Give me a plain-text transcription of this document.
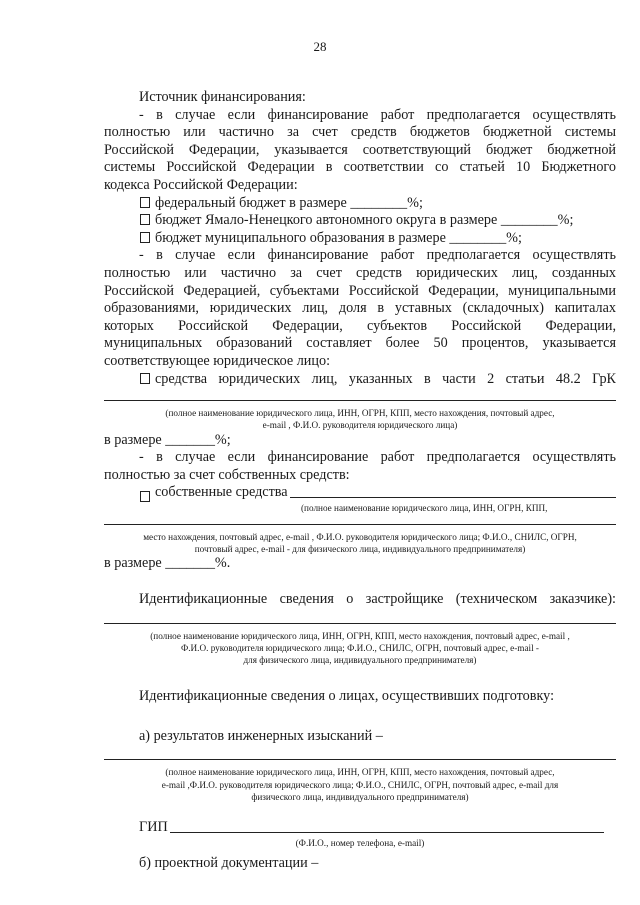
28
Источник финансирования:
- в случае если финансирование работ предполагается осуществлять
полностью или частично за счет средств бюджетов бюджетной системы
Российской Федерации, указывается соответствующий бюджет бюджетной
системы Российской Федерации в соответствии со статьей 10 Бюджетного
кодекса Российской Федерации:
федеральный бюджет в размере ________%;
бюджет Ямало-Ненецкого автономного округа в размере ________%;
бюджет муниципального образования в размере ________%;
- в случае если финансирование работ предполагается осуществлять
полностью или частично за счет средств юридических лиц, созданных
Российской Федерацией, субъектами Российской Федерации, муниципальными
образованиями, юридических лиц, доля в уставных (складочных) капиталах
которых Российской Федерации, субъектов Российской Федерации,
муниципальных образований составляет более 50 процентов, указывается
соответствующее юридическое лицо:
средства юридических лиц, указанных в части 2 статьи 48.2 ГрК
(полное наименование юридического лица, ИНН, ОГРН, КПП, место нахождения, почтовый адрес,
e-mail , Ф.И.О. руководителя юридического лица)
в размере _______%;
- в случае если финансирование работ предполагается осуществлять
полностью за счет собственных средств:
собственные средства
(полное наименование юридического лица, ИНН, ОГРН, КПП,
место нахождения, почтовый адрес, e-mail , Ф.И.О. руководителя юридического лица; Ф.И.О., СНИЛС, ОГРН,
почтовый адрес, e-mail - для физического лица, индивидуального предпринимателя)
в размере _______%.
Идентификационные сведения о застройщике (техническом заказчике):
(полное наименование юридического лица, ИНН, ОГРН, КПП, место нахождения, почтовый адрес, e-mail ,
Ф.И.О. руководителя юридического лица; Ф.И.О., СНИЛС, ОГРН, почтовый адрес, e-mail -
для физического лица, индивидуального предпринимателя)
Идентификационные сведения о лицах, осуществивших подготовку:
а) результатов инженерных изысканий –
(полное наименование юридического лица, ИНН, ОГРН, КПП, место нахождения, почтовый адрес,
e-mail ,Ф.И.О. руководителя юридического лица; Ф.И.О., СНИЛС, ОГРН, почтовый адрес, e-mail для
физического лица, индивидуального предпринимателя)
ГИП
(Ф.И.О., номер телефона, e-mail)
б) проектной документации –
